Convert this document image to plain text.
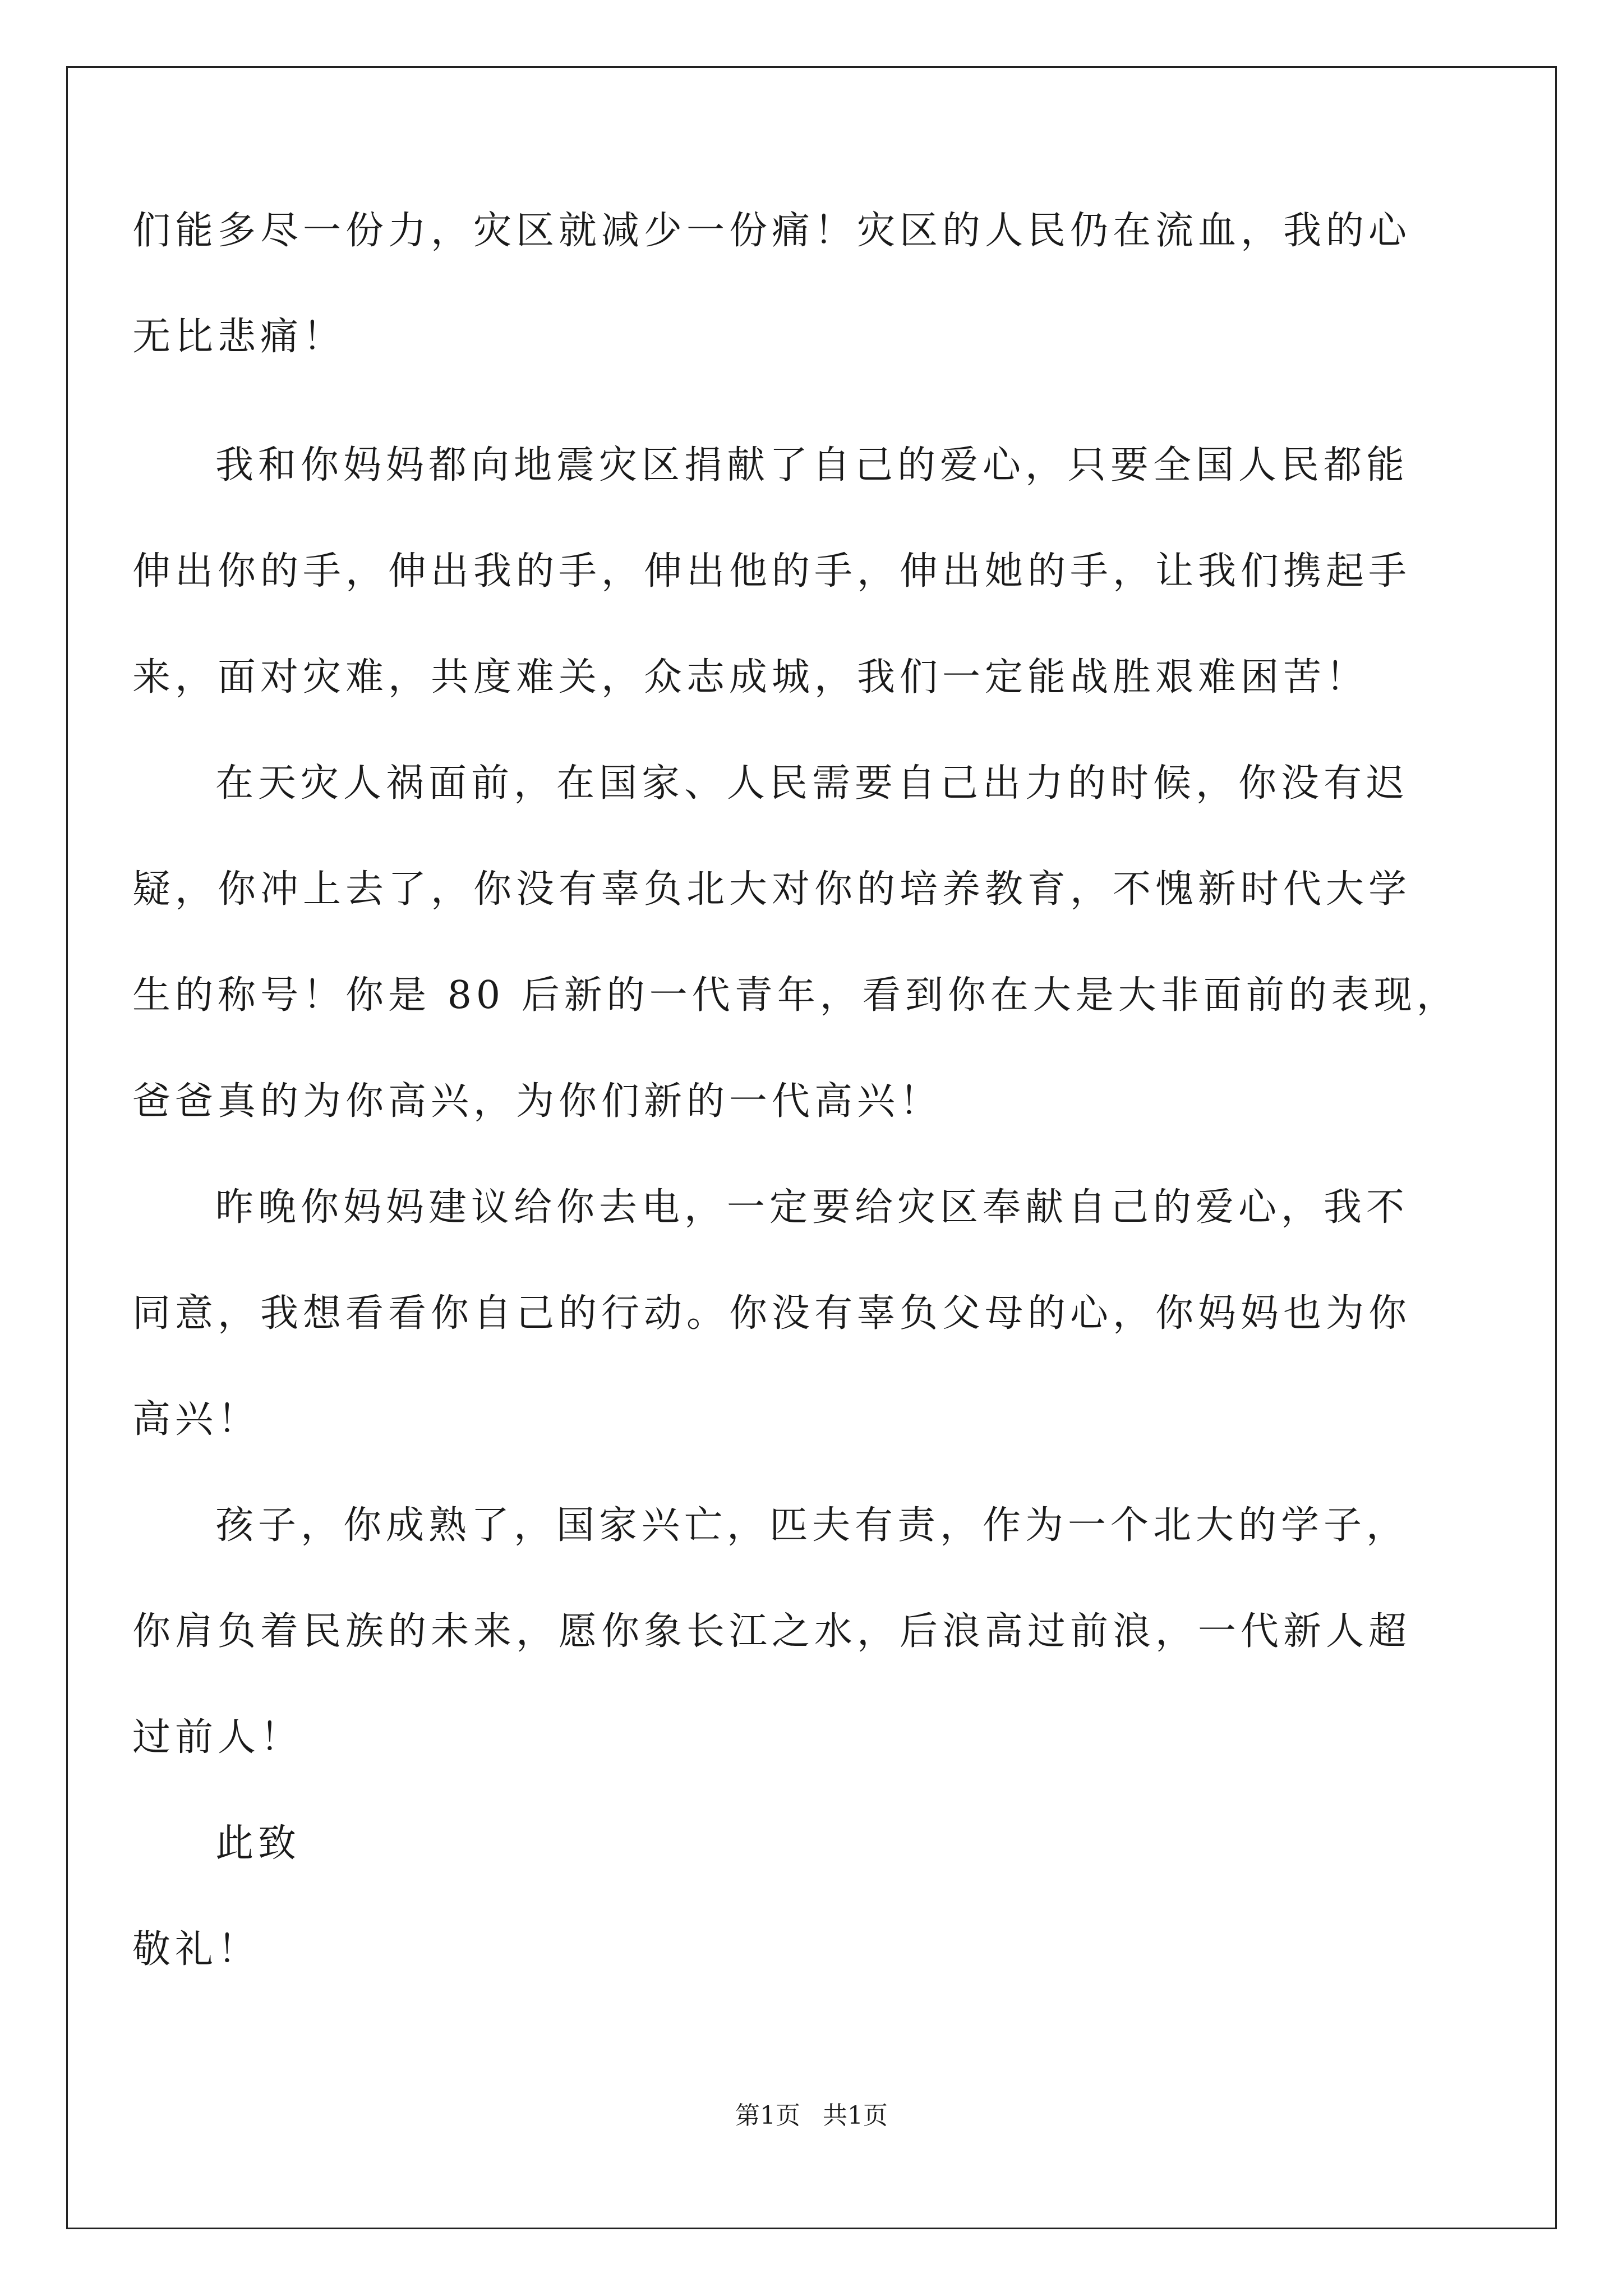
们能多尽一份力，灾区就减少一份痛！灾区的人民仍在流血，我的心
无比悲痛！
我和你妈妈都向地震灾区捐献了自己的爱心，只要全国人民都能
伸出你的手，伸出我的手，伸出他的手，伸出她的手，让我们携起手
来，面对灾难，共度难关，众志成城，我们一定能战胜艰难困苦！
在天灾人祸面前，在国家、人民需要自己出力的时候，你没有迟
疑，你冲上去了，你没有辜负北大对你的培养教育，不愧新时代大学
生的称号！你是 80 后新的一代青年，看到你在大是大非面前的表现，
爸爸真的为你高兴，为你们新的一代高兴！
昨晚你妈妈建议给你去电，一定要给灾区奉献自己的爱心，我不
同意，我想看看你自己的行动。你没有辜负父母的心，你妈妈也为你
高兴！
孩子，你成熟了，国家兴亡，匹夫有责，作为一个北大的学子，
你肩负着民族的未来，愿你象长江之水，后浪高过前浪，一代新人超
过前人！
此致
敬礼！
第1页 共1页
